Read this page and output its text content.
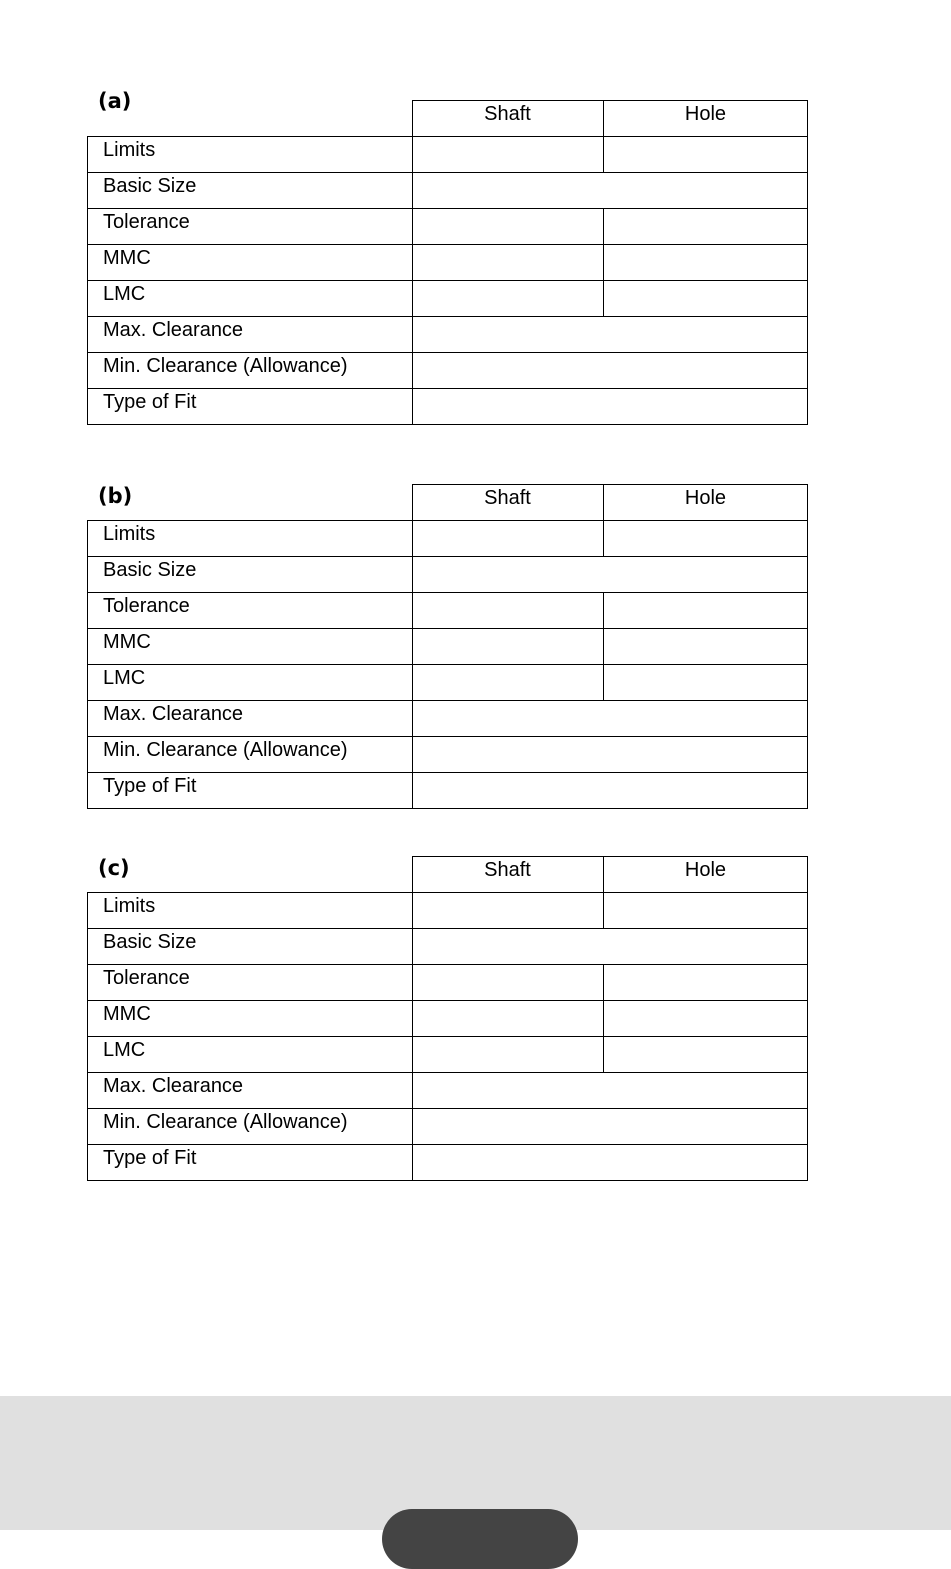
(a)
Shaft	Hole
Limits
Basic Size
Tolerance
MMC
LMC
Max. Clearance
Min. Clearance (Allowance)
Type of Fit
(b)	Shaft	Hole
Limits
Basic Size
Tolerance
MMC
LMC
Max. Clearance
Min. Clearance (Allowance)
Type of Fit
(c)	Shaft	Hole
Limits
Basic Size
Tolerance
MMC
LMC
Max. Clearance
Min. Clearance (Allowance)
Type of Fit
